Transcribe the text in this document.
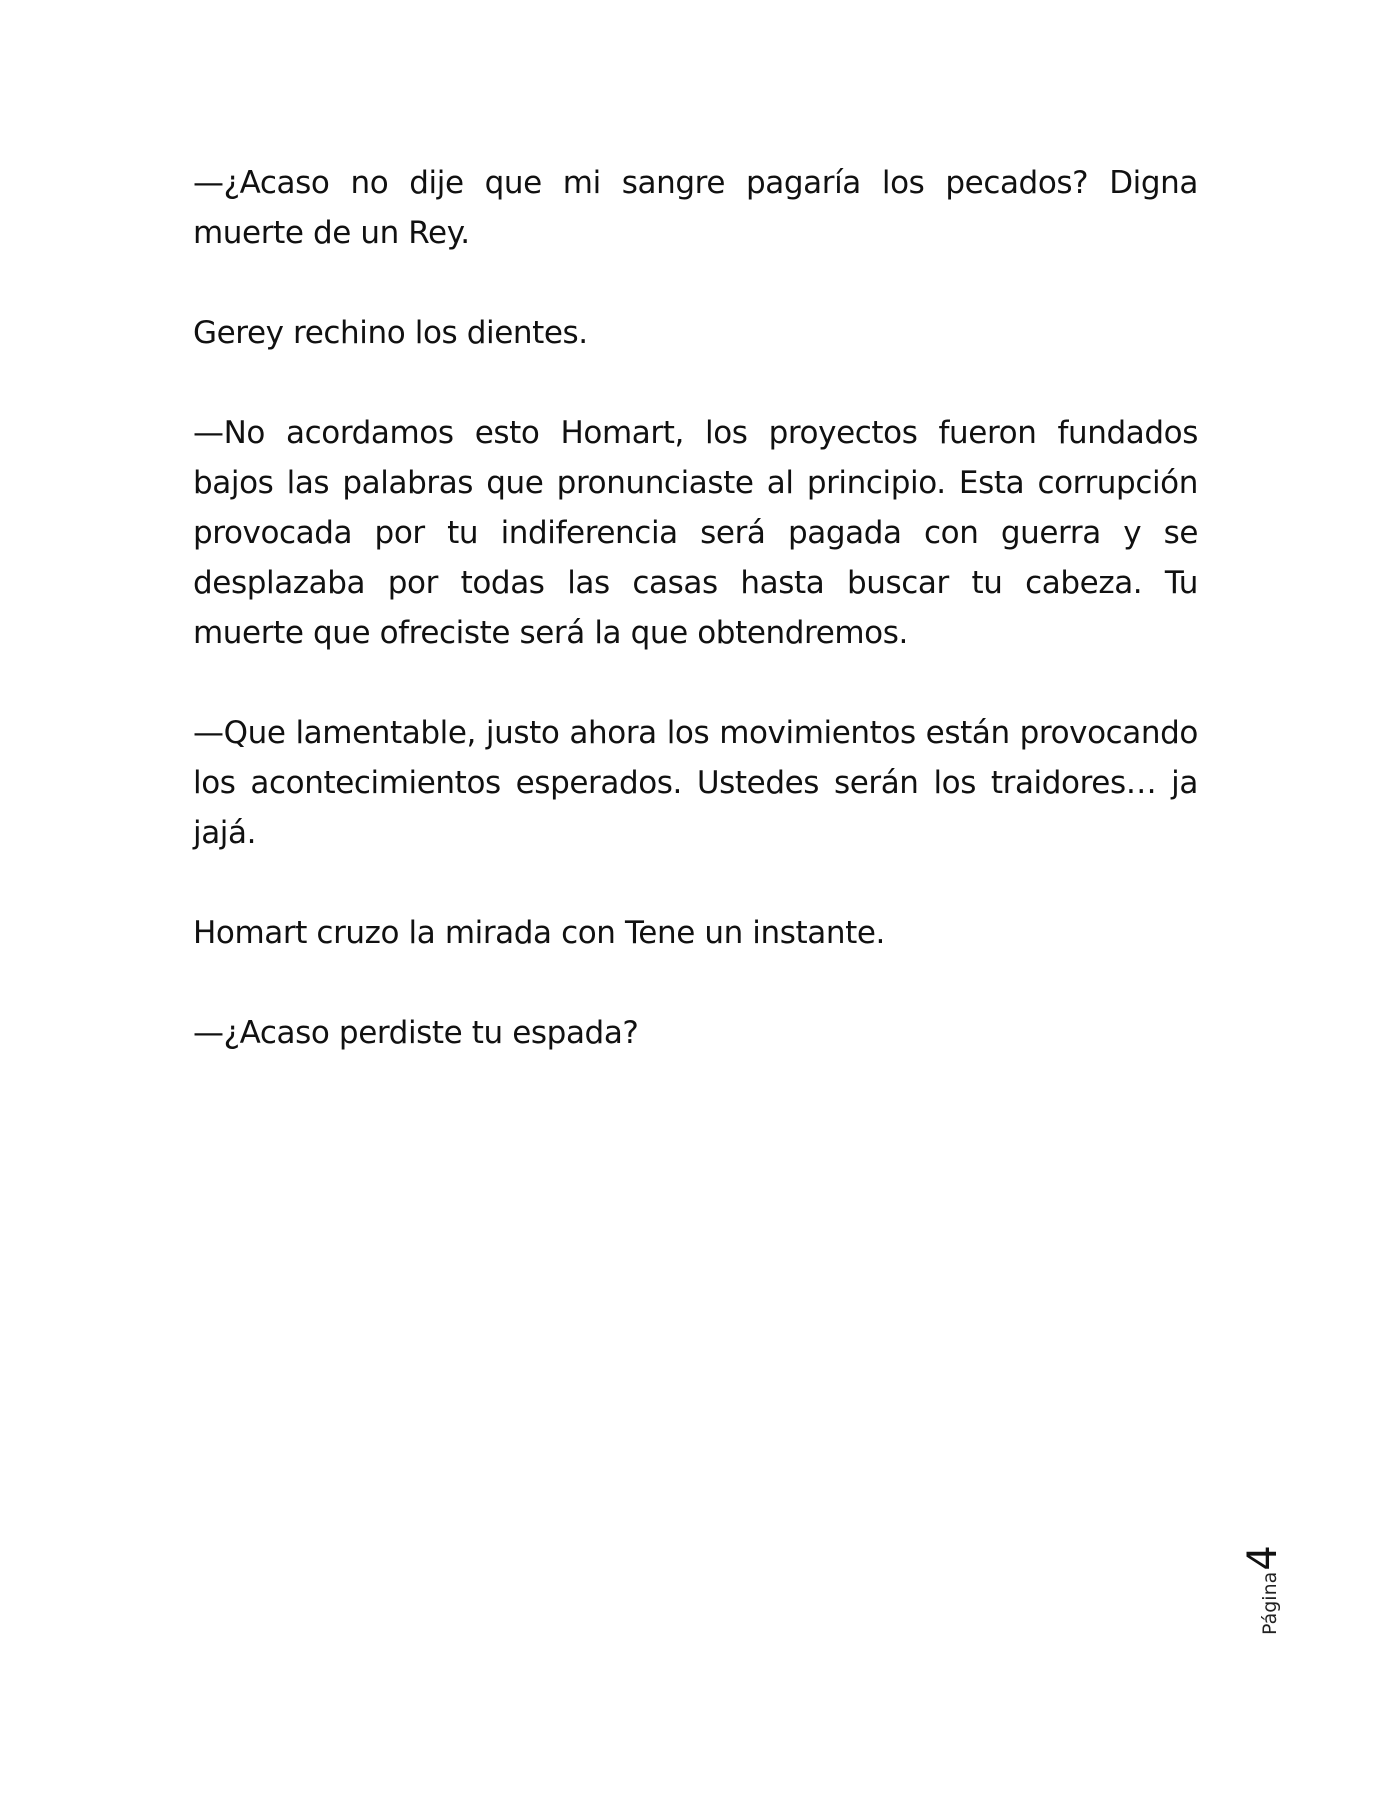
—¿Acaso no dije que mi sangre pagaría los pecados? Digna muerte de un Rey.

Gerey rechino los dientes.

—No acordamos esto Homart, los proyectos fueron fundados bajos las palabras que pronunciaste al principio. Esta corrupción provocada por tu indiferencia será pagada con guerra y se desplazaba por todas las casas hasta buscar tu cabeza. Tu muerte que ofreciste será la que obtendremos.

—Que lamentable, justo ahora los movimientos están provocando los acontecimientos esperados. Ustedes serán los traidores… ja jajá.

Homart cruzo la mirada con Tene un instante.

—¿Acaso perdiste tu espada?

Página
4
